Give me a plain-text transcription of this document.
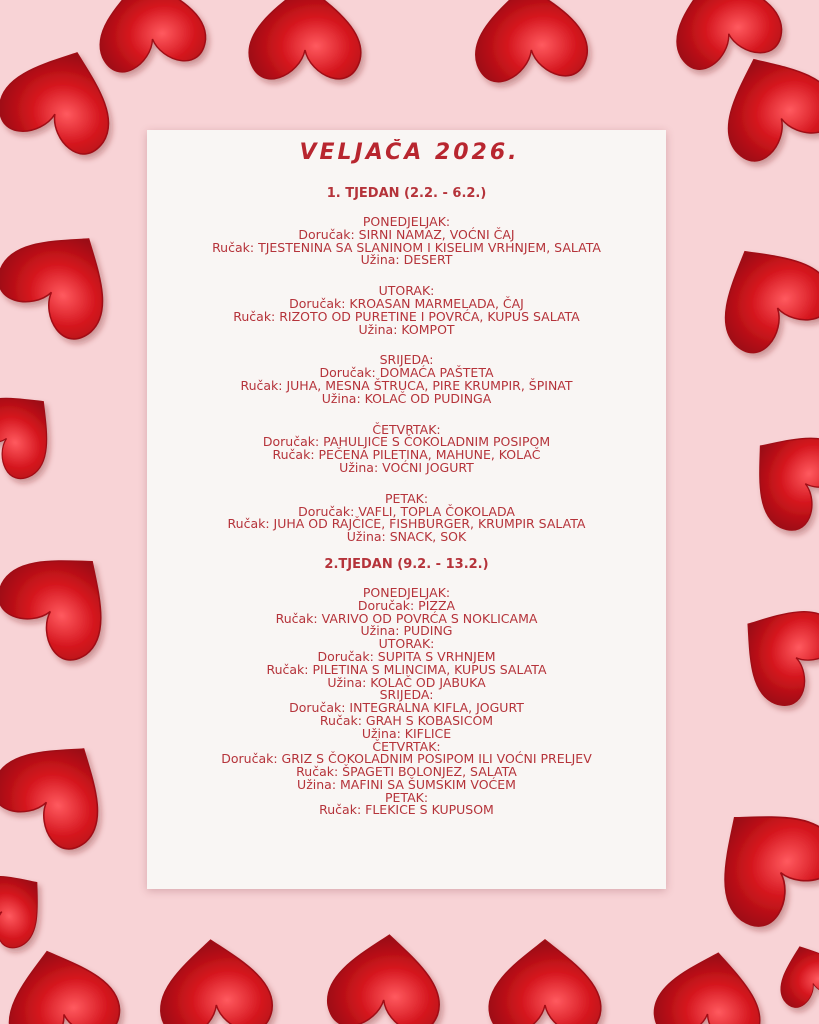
VELJAČA 2026.
1. TJEDAN (2.2. - 6.2.)
PONEDJELJAK:
Doručak: SIRNI NAMAZ, VOĆNI ČAJ
Ručak: TJESTENINA SA SLANINOM I KISELIM VRHNJEM, SALATA
Užina: DESERT
UTORAK:
Doručak: KROASAN MARMELADA, ČAJ
Ručak: RIZOTO OD PURETINE I POVRĆA, KUPUS SALATA
Užina: KOMPOT
SRIJEDA:
Doručak: DOMAĆA PAŠTETA
Ručak: JUHA, MESNA ŠTRUCA, PIRE KRUMPIR, ŠPINAT
Užina: KOLAČ OD PUDINGA
ČETVRTAK:
Doručak: PAHULJICE S ČOKOLADNIM POSIPOM
Ručak: PEČENA PILETINA, MAHUNE, KOLAČ
Užina: VOĆNI JOGURT
PETAK:
Doručak: VAFLI, TOPLA ČOKOLADA
Ručak: JUHA OD RAJČICE, FISHBURGER, KRUMPIR SALATA
Užina: SNACK, SOK
2.TJEDAN (9.2. - 13.2.)
PONEDJELJAK:
Doručak: PIZZA
Ručak: VARIVO OD POVRĆA S NOKLICAMA
Užina: PUDING
UTORAK:
Doručak: SUPITA S VRHNJEM
Ručak: PILETINA S MLINCIMA, KUPUS SALATA
Užina: KOLAČ OD JABUKA
SRIJEDA:
Doručak: INTEGRALNA KIFLA, JOGURT
Ručak: GRAH S KOBASICOM
Užina: KIFLICE
ČETVRTAK:
Doručak: GRIZ S ČOKOLADNIM POSIPOM ILI VOĆNI PRELJEV
Ručak: ŠPAGETI BOLONJEZ, SALATA
Užina: MAFINI SA ŠUMSKIM VOĆEM
PETAK:
Ručak: FLEKICE S KUPUSOM
